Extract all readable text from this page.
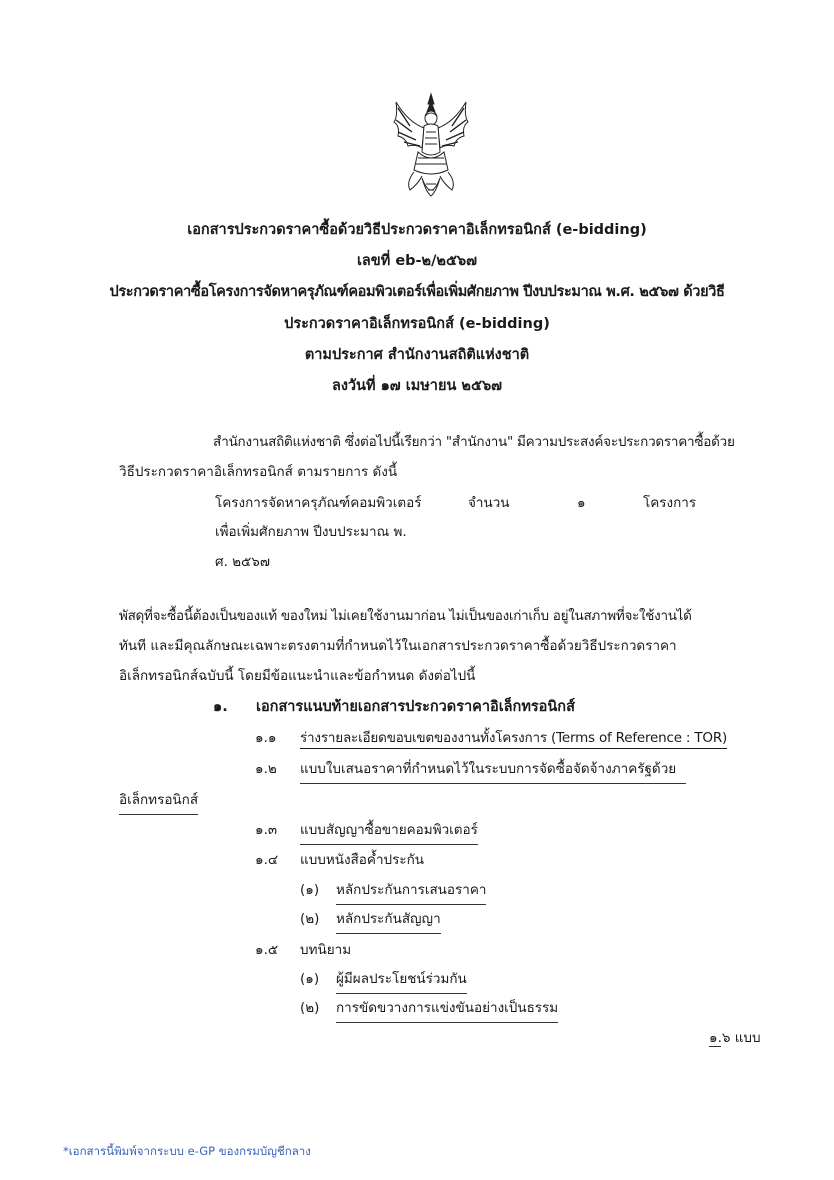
เอกสารประกวดราคาซื้อด้วยวิธีประกวดราคาอิเล็กทรอนิกส์ (e-bidding)
เลขที่ eb-๒/๒๕๖๗
ประกวดราคาซื้อโครงการจัดหาครุภัณฑ์คอมพิวเตอร์เพื่อเพิ่มศักยภาพ ปีงบประมาณ พ.ศ. ๒๕๖๗ ด้วยวิธี
ประกวดราคาอิเล็กทรอนิกส์ (e-bidding)
ตามประกาศ สำนักงานสถิติแห่งชาติ
ลงวันที่ ๑๗ เมษายน ๒๕๖๗
สำนักงานสถิติแห่งชาติ ซึ่งต่อไปนี้เรียกว่า "สำนักงาน" มีความประสงค์จะประกวดราคาซื้อด้วย
วิธีประกวดราคาอิเล็กทรอนิกส์ ตามรายการ ดังนี้
โครงการจัดหาครุภัณฑ์คอมพิวเตอร์	จำนวน	๑	โครงการ
เพื่อเพิ่มศักยภาพ ปีงบประมาณ พ.
ศ. ๒๕๖๗
พัสดุที่จะซื้อนี้ต้องเป็นของแท้ ของใหม่ ไม่เคยใช้งานมาก่อน ไม่เป็นของเก่าเก็บ อยู่ในสภาพที่จะใช้งานได้
ทันที และมีคุณลักษณะเฉพาะตรงตามที่กำหนดไว้ในเอกสารประกวดราคาซื้อด้วยวิธีประกวดราคา
อิเล็กทรอนิกส์ฉบับนี้ โดยมีข้อแนะนำและข้อกำหนด ดังต่อไปนี้
๑. เอกสารแนบท้ายเอกสารประกวดราคาอิเล็กทรอนิกส์
๑.๑ ร่างรายละเอียดขอบเขตของงานทั้งโครงการ (Terms of Reference : TOR)
๑.๒ แบบใบเสนอราคาที่กำหนดไว้ในระบบการจัดซื้อจัดจ้างภาครัฐด้วย
อิเล็กทรอนิกส์
๑.๓ แบบสัญญาซื้อขายคอมพิวเตอร์
๑.๔ แบบหนังสือค้ำประกัน
(๑) หลักประกันการเสนอราคา
(๒) หลักประกันสัญญา
๑.๕ บทนิยาม
(๑) ผู้มีผลประโยชน์ร่วมกัน
(๒) การขัดขวางการแข่งขันอย่างเป็นธรรม
๑.๖ แบบ
*เอกสารนี้พิมพ์จากระบบ e-GP ของกรมบัญชีกลาง
